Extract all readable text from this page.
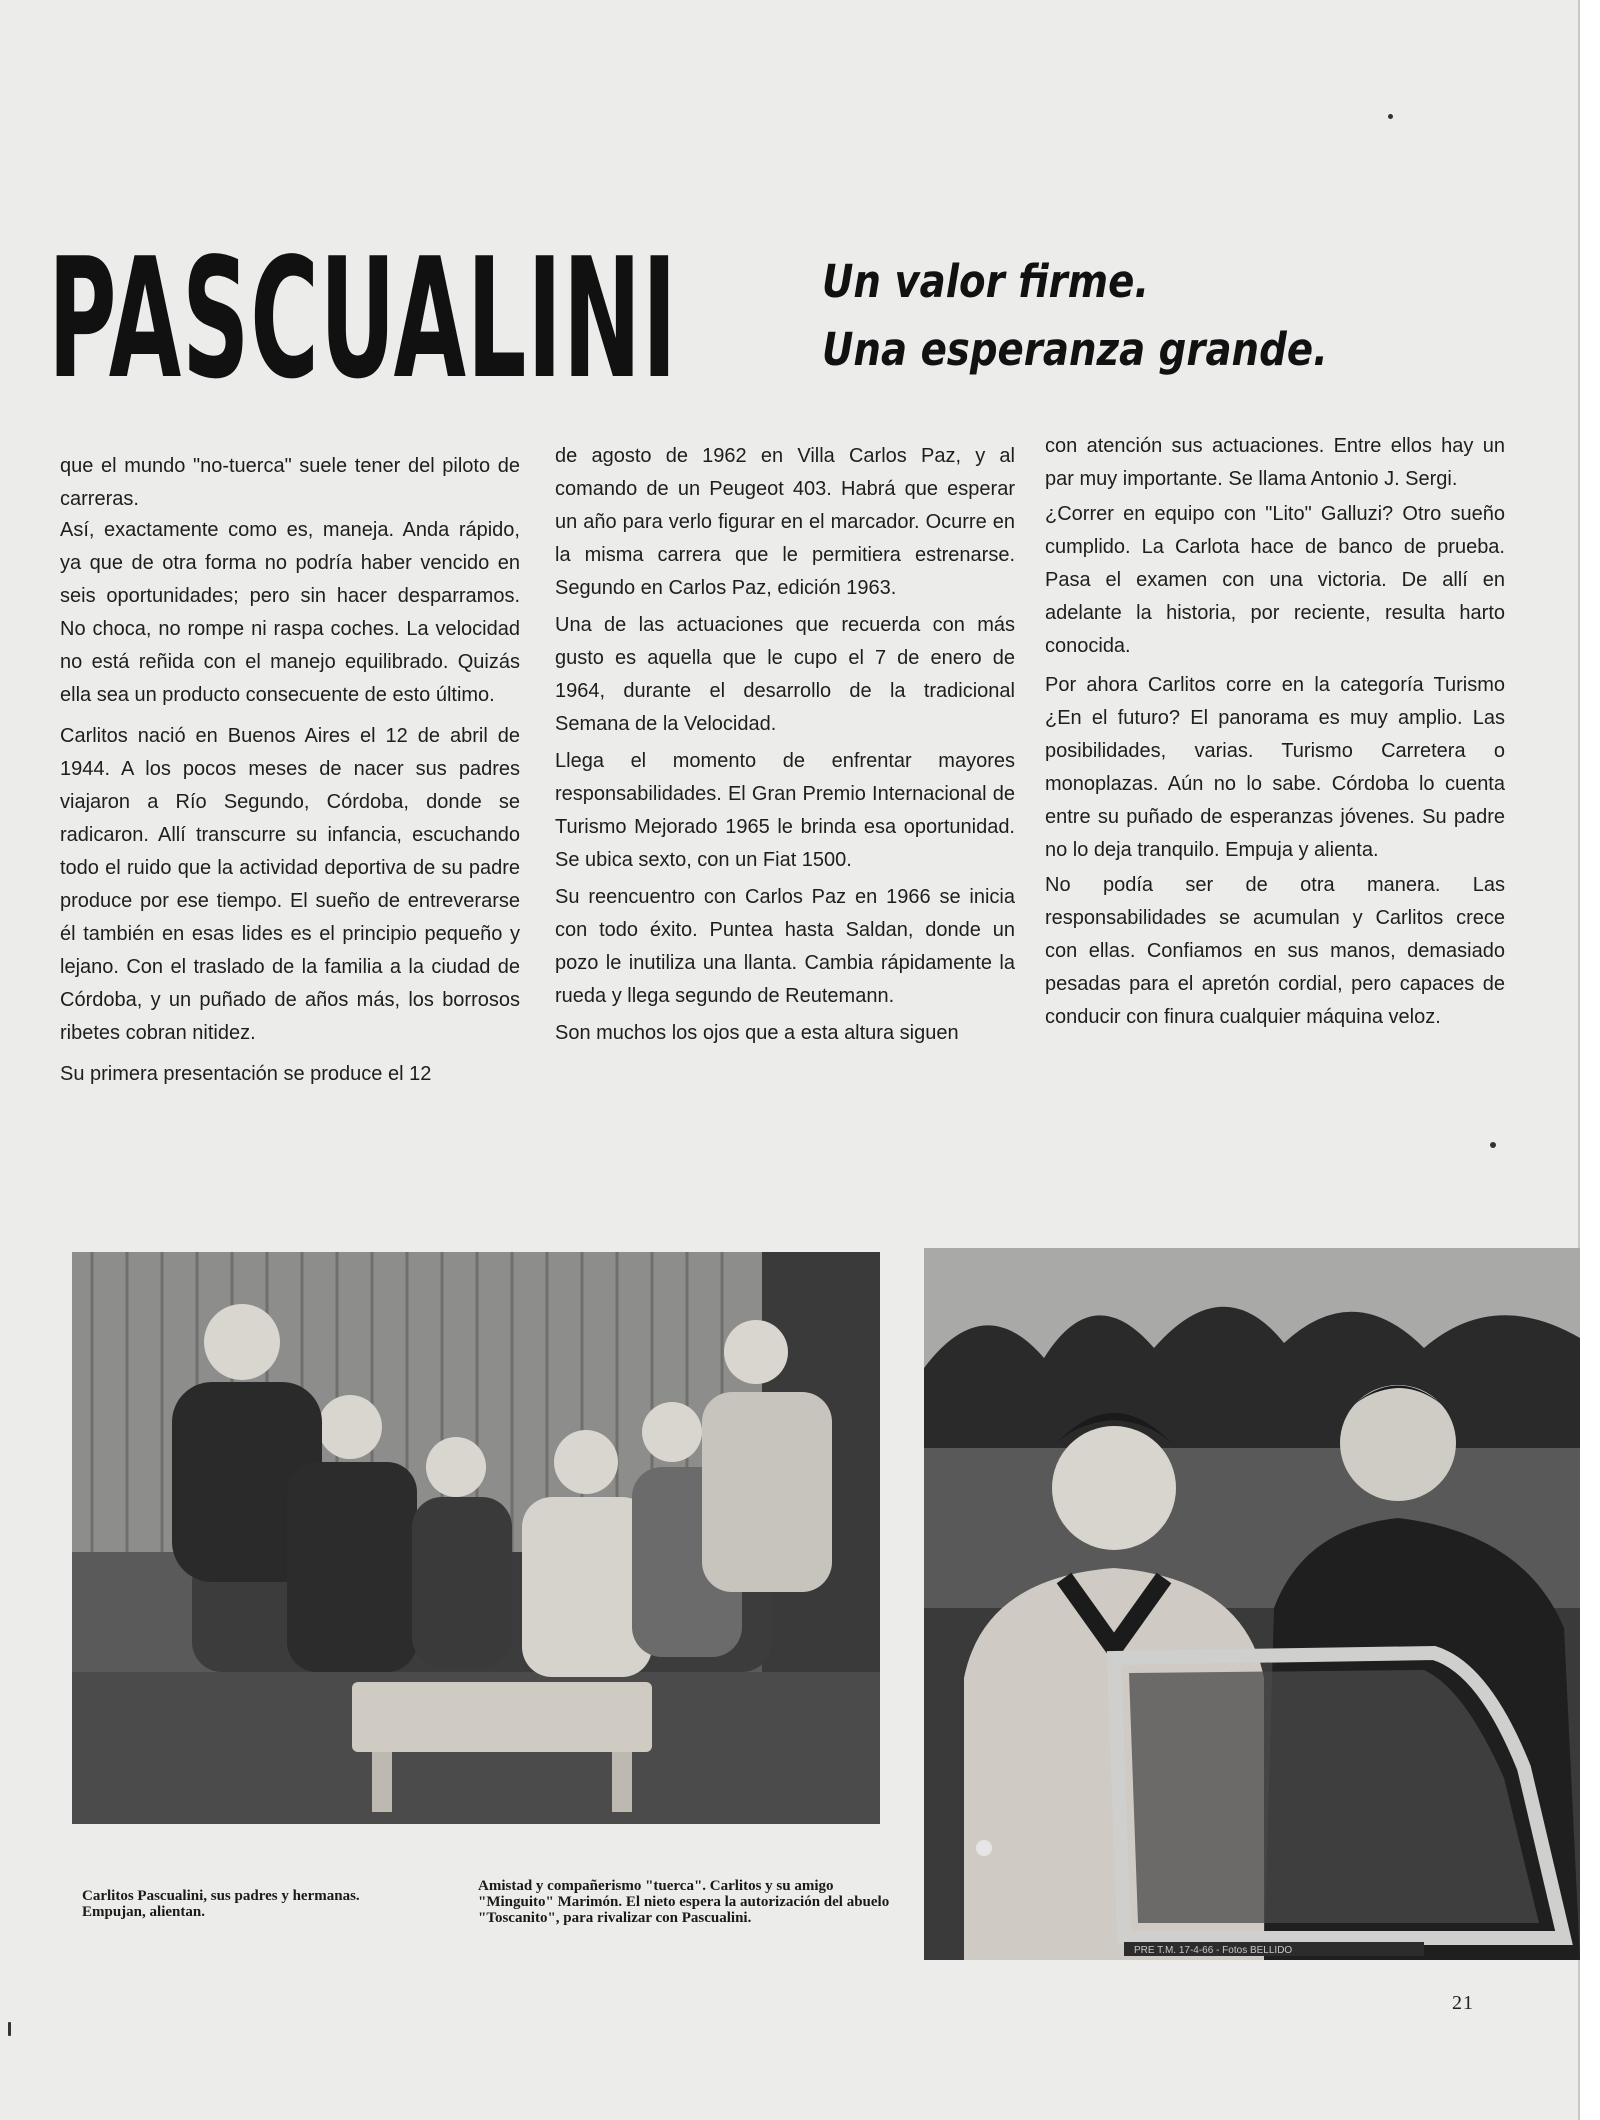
PASCUALINI	Un valor firme.
Una esperanza grande.

que el mundo "no-tuerca" suele tener del piloto de carreras.

Así, exactamente como es, maneja. Anda rápido, ya que de otra forma no podría haber vencido en seis oportunidades; pero sin hacer desparramos. No choca, no rompe ni raspa coches. La velocidad no está reñida con el manejo equilibrado. Quizás ella sea un producto consecuente de esto último.

Carlitos nació en Buenos Aires el 12 de abril de 1944. A los pocos meses de nacer sus padres viajaron a Río Segundo, Córdoba, donde se radicaron. Allí transcurre su infancia, escuchando todo el ruido que la actividad deportiva de su padre produce por ese tiempo. El sueño de entreverarse él también en esas lides es el principio pequeño y lejano. Con el traslado de la familia a la ciudad de Córdoba, y un puñado de años más, los borrosos ribetes cobran nitidez.

Su primera presentación se produce el 12

de agosto de 1962 en Villa Carlos Paz, y al comando de un Peugeot 403. Habrá que esperar un año para verlo figurar en el marcador. Ocurre en la misma carrera que le permitiera estrenarse. Segundo en Carlos Paz, edición 1963.

Una de las actuaciones que recuerda con más gusto es aquella que le cupo el 7 de enero de 1964, durante el desarrollo de la tradicional Semana de la Velocidad.

Llega el momento de enfrentar mayores responsabilidades. El Gran Premio Internacional de Turismo Mejorado 1965 le brinda esa oportunidad. Se ubica sexto, con un Fiat 1500.

Su reencuentro con Carlos Paz en 1966 se inicia con todo éxito. Puntea hasta Saldan, donde un pozo le inutiliza una llanta. Cambia rápidamente la rueda y llega segundo de Reutemann.

Son muchos los ojos que a esta altura siguen

con atención sus actuaciones. Entre ellos hay un par muy importante. Se llama Antonio J. Sergi.

¿Correr en equipo con "Lito" Galluzi? Otro sueño cumplido. La Carlota hace de banco de prueba. Pasa el examen con una victoria. De allí en adelante la historia, por reciente, resulta harto conocida.

Por ahora Carlitos corre en la categoría Turismo ¿En el futuro? El panorama es muy amplio. Las posibilidades, varias. Turismo Carretera o monoplazas. Aún no lo sabe. Córdoba lo cuenta entre su puñado de esperanzas jóvenes. Su padre no lo deja tranquilo. Empuja y alienta.

No podía ser de otra manera. Las responsabilidades se acumulan y Carlitos crece con ellas. Confiamos en sus manos, demasiado pesadas para el apretón cordial, pero capaces de conducir con finura cualquier máquina veloz.

PRE T.M. 17-4-66 - Fotos BELLIDO
Carlitos Pascualini, sus padres y hermanas. Empujan, alientan.
Amistad y compañerismo "tuerca". Carlitos y su amigo "Minguito" Marimón. El nieto espera la autorización del abuelo "Toscanito", para rivalizar con Pascualini.
21
